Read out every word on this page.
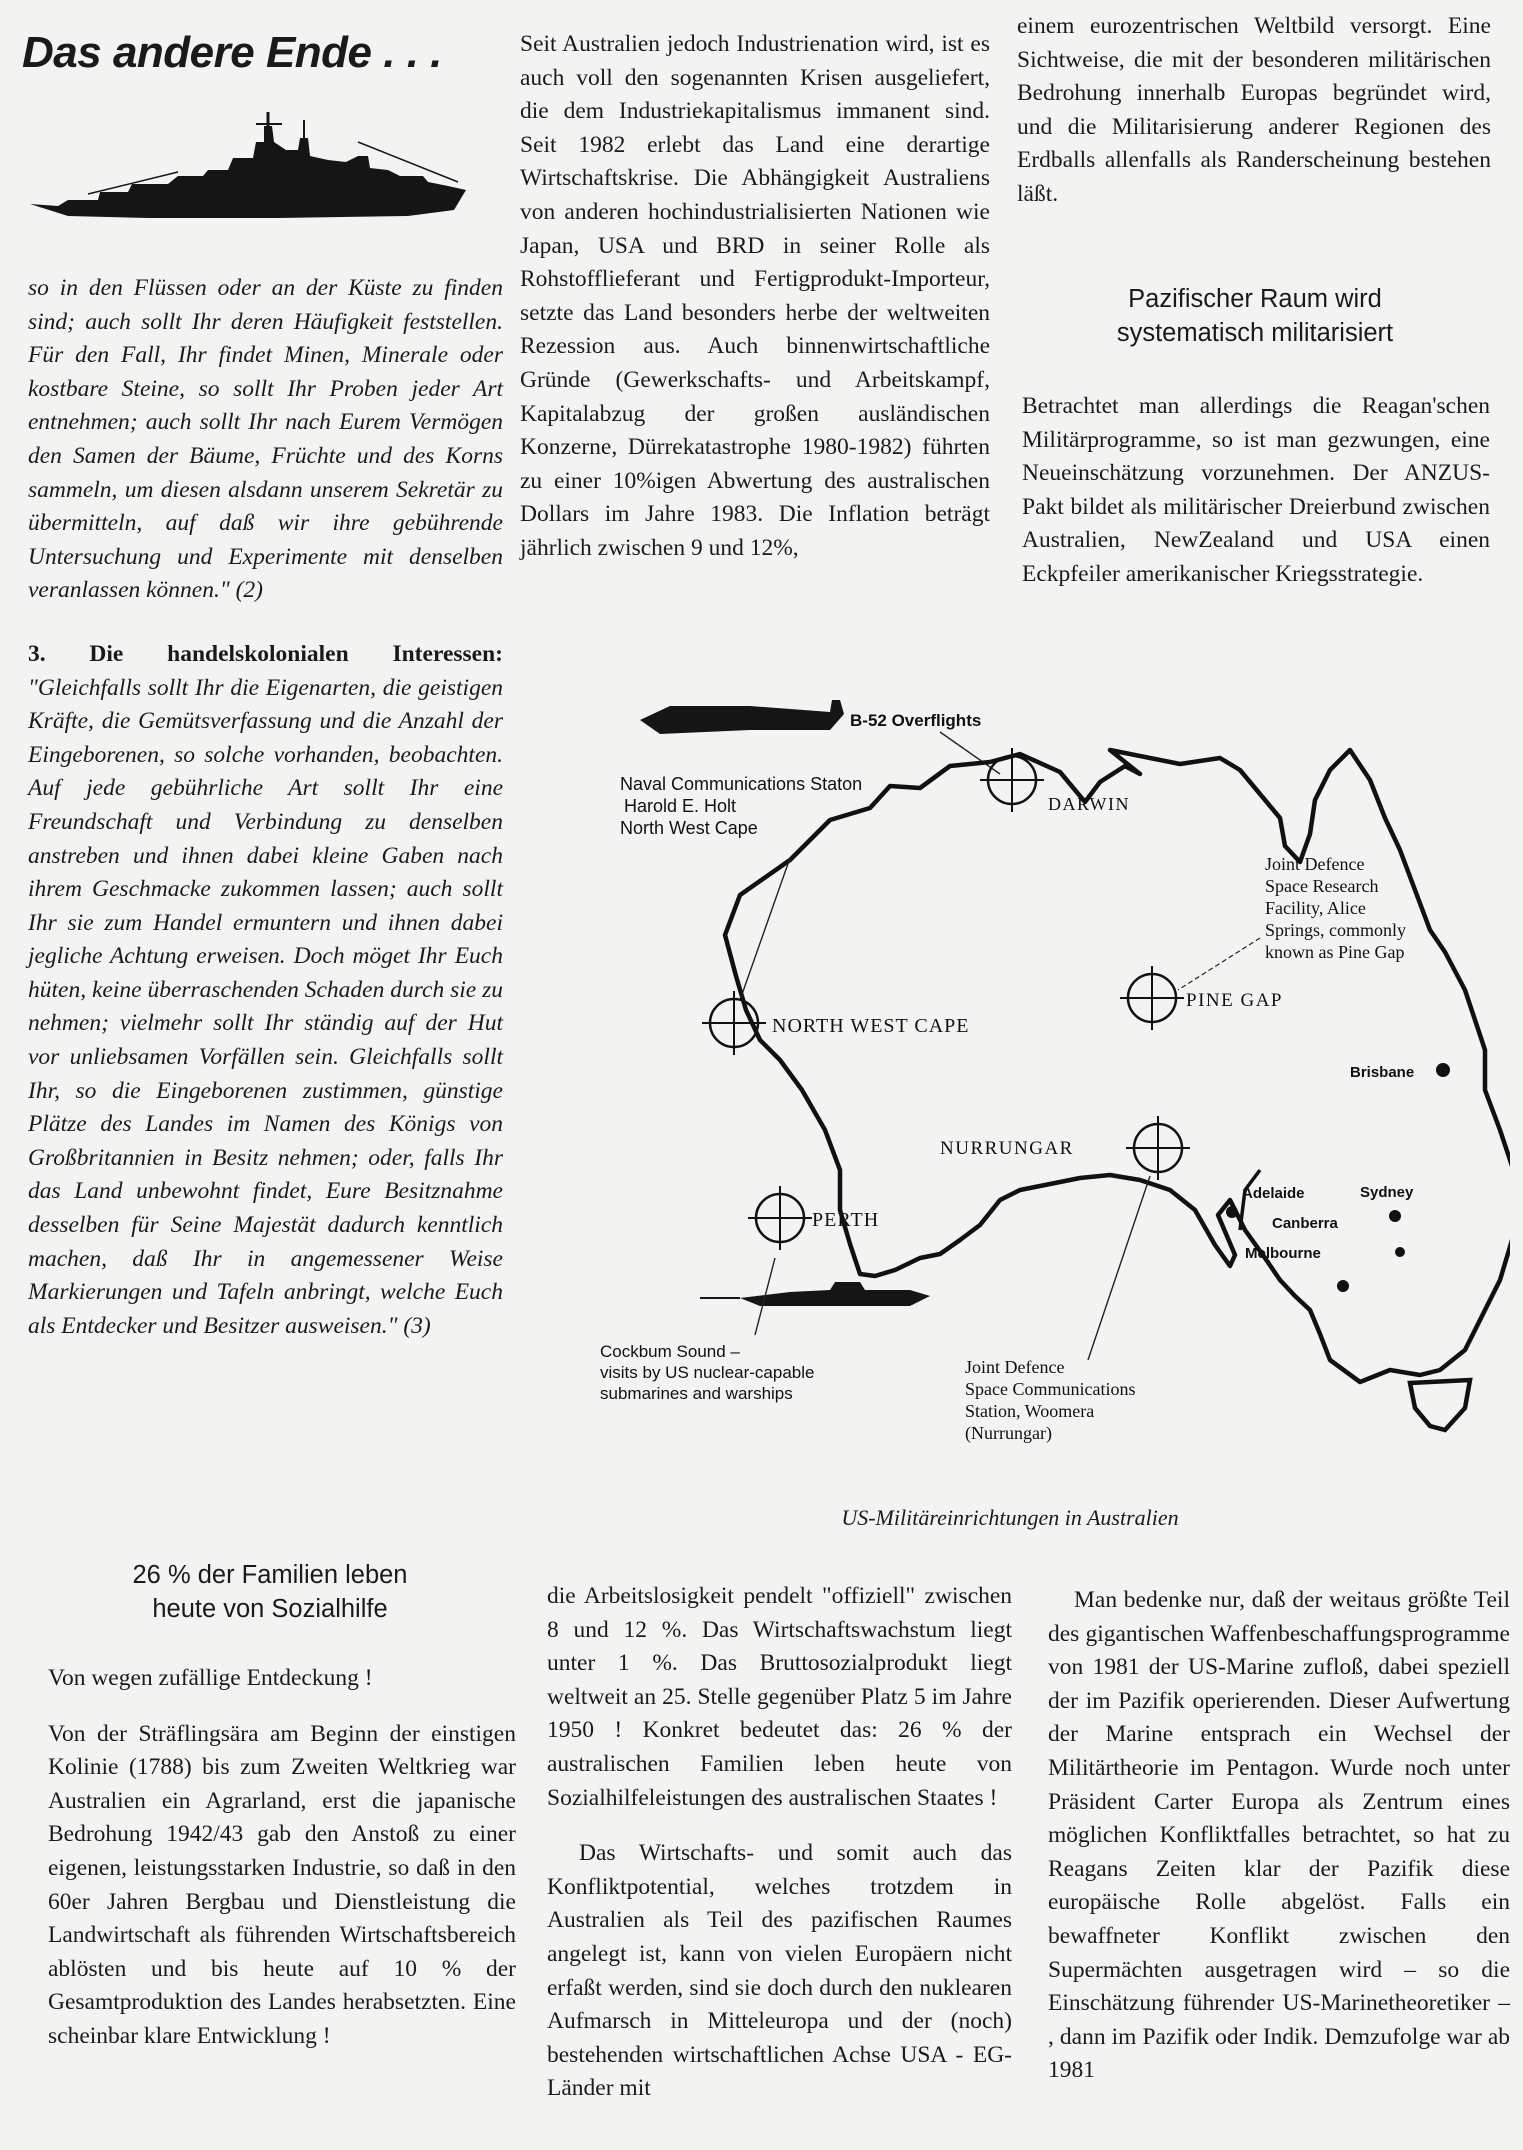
Das andere Ende . . .

so in den Flüssen oder an der Küste zu finden sind; auch sollt Ihr deren Häufigkeit feststellen. Für den Fall, Ihr findet Minen, Minerale oder kostbare Steine, so sollt Ihr Proben jeder Art entnehmen; auch sollt Ihr nach Eurem Vermögen den Samen der Bäume, Früchte und des Korns sammeln, um diesen alsdann unserem Sekretär zu übermitteln, auf daß wir ihre gebührende Untersuchung und Experimente mit denselben veranlassen können." (2)

3. Die handelskolonialen Interessen: "Gleichfalls sollt Ihr die Eigenarten, die geistigen Kräfte, die Gemütsverfassung und die Anzahl der Eingeborenen, so solche vorhanden, beobachten. Auf jede gebührliche Art sollt Ihr eine Freundschaft und Verbindung zu denselben anstreben und ihnen dabei kleine Gaben nach ihrem Geschmacke zukommen lassen; auch sollt Ihr sie zum Handel ermuntern und ihnen dabei jegliche Achtung erweisen. Doch möget Ihr Euch hüten, keine überraschenden Schaden durch sie zu nehmen; vielmehr sollt Ihr ständig auf der Hut vor unliebsamen Vorfällen sein. Gleichfalls sollt Ihr, so die Eingeborenen zustimmen, günstige Plätze des Landes im Namen des Königs von Großbritannien in Besitz nehmen; oder, falls Ihr das Land unbewohnt findet, Eure Besitznahme desselben für Seine Majestät dadurch kenntlich machen, daß Ihr in angemessener Weise Markierungen und Tafeln anbringt, welche Euch als Entdecker und Besitzer ausweisen." (3)

Seit Australien jedoch Industrienation wird, ist es auch voll den sogenannten Krisen ausgeliefert, die dem Industriekapitalismus immanent sind. Seit 1982 erlebt das Land eine derartige Wirtschaftskrise. Die Abhängigkeit Australiens von anderen hochindustrialisierten Nationen wie Japan, USA und BRD in seiner Rolle als Rohstofflieferant und Fertigprodukt-Importeur, setzte das Land besonders herbe der weltweiten Rezession aus. Auch binnenwirtschaftliche Gründe (Gewerkschafts- und Arbeitskampf, Kapitalabzug der großen ausländischen Konzerne, Dürrekatastrophe 1980-1982) führten zu einer 10%igen Abwertung des australischen Dollars im Jahre 1983. Die Inflation beträgt jährlich zwischen 9 und 12%,

einem eurozentrischen Weltbild versorgt. Eine Sichtweise, die mit der besonderen militärischen Bedrohung innerhalb Europas begründet wird, und die Militarisierung anderer Regionen des Erdballs allenfalls als Randerscheinung bestehen läßt.

Pazifischer Raum wird systematisch militarisiert

Betrachtet man allerdings die Reagan'schen Militärprogramme, so ist man gezwungen, eine Neueinschätzung vorzunehmen. Der ANZUS-Pakt bildet als militärischer Dreierbund zwischen Australien, NewZealand und USA einen Eckpfeiler amerikanischer Kriegsstrategie.

B-52 Overflights
DARWIN
Naval Communications Staton
Harold E. Holt
North West Cape
Joint Defence
Space Research
Facility, Alice
Springs, commonly
known as Pine Gap
PINE GAP
NORTH WEST CAPE
Brisbane
NURRUNGAR
Adelaide	Sydney
Canberra
Melbourne
PERTH
Cockbum Sound –
visits by US nuclear-capable
submarines and warships
Joint Defence
Space Communications
Station, Woomera
(Nurrungar)
US-Militäreinrichtungen in Australien
26 % der Familien leben heute von Sozialhilfe

Von wegen zufällige Entdeckung !

Von der Sträflingsära am Beginn der einstigen Kolinie (1788) bis zum Zweiten Weltkrieg war Australien ein Agrarland, erst die japanische Bedrohung 1942/43 gab den Anstoß zu einer eigenen, leistungsstarken Industrie, so daß in den 60er Jahren Bergbau und Dienstleistung die Landwirtschaft als führenden Wirtschaftsbereich ablösten und bis heute auf 10 % der Gesamtproduktion des Landes herabsetzten. Eine scheinbar klare Entwicklung !

die Arbeitslosigkeit pendelt "offiziell" zwischen 8 und 12 %. Das Wirtschaftswachstum liegt unter 1 %. Das Bruttosozialprodukt liegt weltweit an 25. Stelle gegenüber Platz 5 im Jahre 1950 ! Konkret bedeutet das: 26 % der australischen Familien leben heute von Sozialhilfeleistungen des australischen Staates !

Das Wirtschafts- und somit auch das Konfliktpotential, welches trotzdem in Australien als Teil des pazifischen Raumes angelegt ist, kann von vielen Europäern nicht erfaßt werden, sind sie doch durch den nuklearen Aufmarsch in Mitteleuropa und der (noch) bestehenden wirtschaftlichen Achse USA - EG-Länder mit

Man bedenke nur, daß der weitaus größte Teil des gigantischen Waffenbeschaffungsprogramme von 1981 der US-Marine zufloß, dabei speziell der im Pazifik operierenden. Dieser Aufwertung der Marine entsprach ein Wechsel der Militärtheorie im Pentagon. Wurde noch unter Präsident Carter Europa als Zentrum eines möglichen Konfliktfalles betrachtet, so hat zu Reagans Zeiten klar der Pazifik diese europäische Rolle abgelöst. Falls ein bewaffneter Konflikt zwischen den Supermächten ausgetragen wird – so die Einschätzung führender US-Marinetheoretiker – , dann im Pazifik oder Indik. Demzufolge war ab 1981
